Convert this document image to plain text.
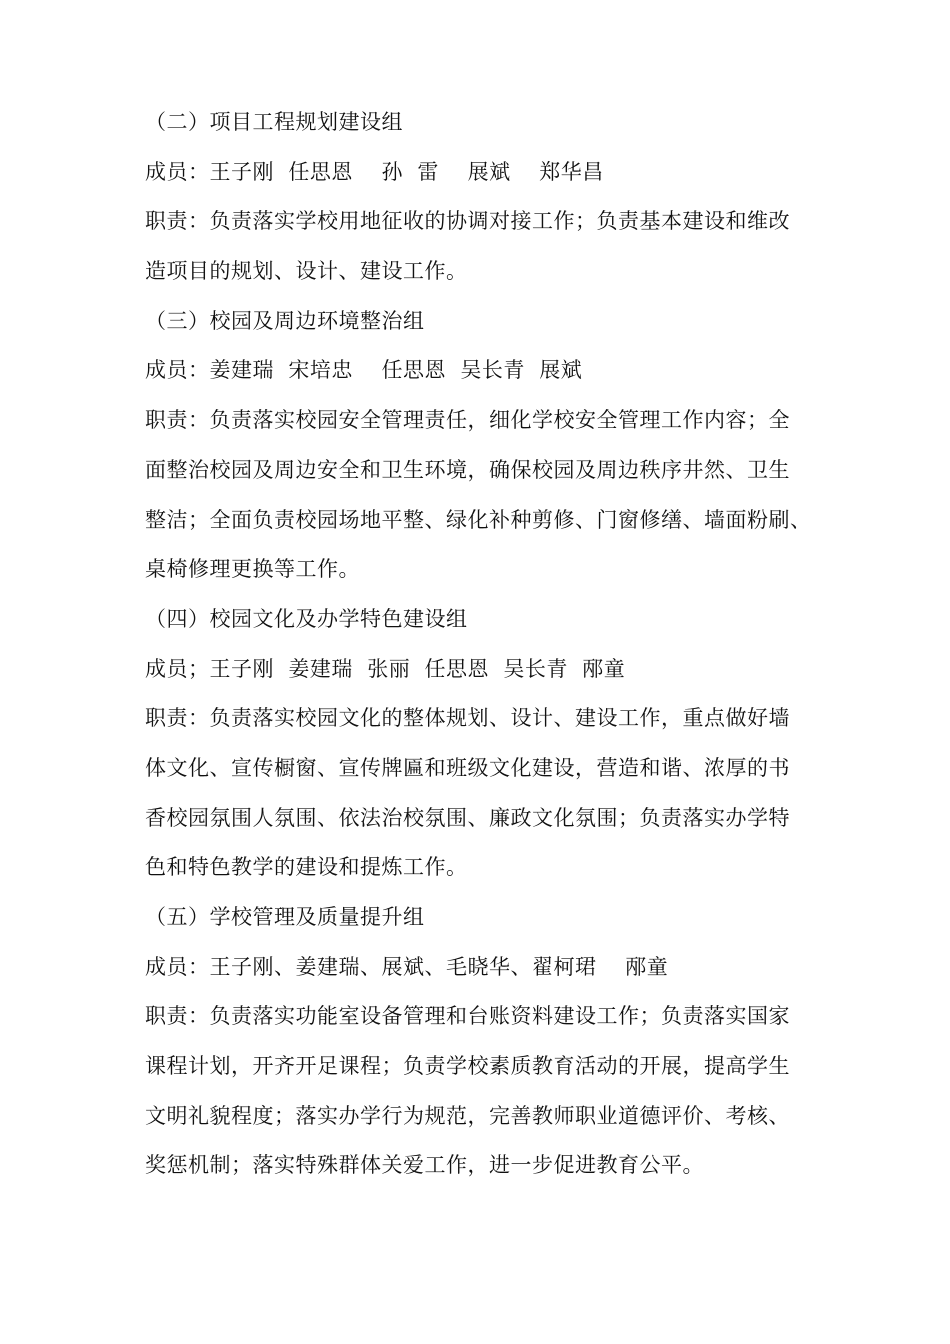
（二）项目工程规划建设组
成员：王子刚  任思恩    孙  雷    展斌    郑华昌
职责：负责落实学校用地征收的协调对接工作；负责基本建设和维改
造项目的规划、设计、建设工作。
（三）校园及周边环境整治组
成员：姜建瑞  宋培忠    任思恩  吴长青  展斌
职责：负责落实校园安全管理责任，细化学校安全管理工作内容；全
面整治校园及周边安全和卫生环境，确保校园及周边秩序井然、卫生
整洁；全面负责校园场地平整、绿化补种剪修、门窗修缮、墙面粉刷、
桌椅修理更换等工作。
（四）校园文化及办学特色建设组
成员；王子刚  姜建瑞  张丽  任思恩  吴长青  邴童
职责：负责落实校园文化的整体规划、设计、建设工作，重点做好墙
体文化、宣传橱窗、宣传牌匾和班级文化建设，营造和谐、浓厚的书
香校园氛围人氛围、依法治校氛围、廉政文化氛围；负责落实办学特
色和特色教学的建设和提炼工作。
（五）学校管理及质量提升组
成员：王子刚、姜建瑞、展斌、毛晓华、翟柯珺    邴童
职责：负责落实功能室设备管理和台账资料建设工作；负责落实国家
课程计划，开齐开足课程；负责学校素质教育活动的开展，提高学生
文明礼貌程度；落实办学行为规范，完善教师职业道德评价、考核、
奖惩机制；落实特殊群体关爱工作，进一步促进教育公平。
